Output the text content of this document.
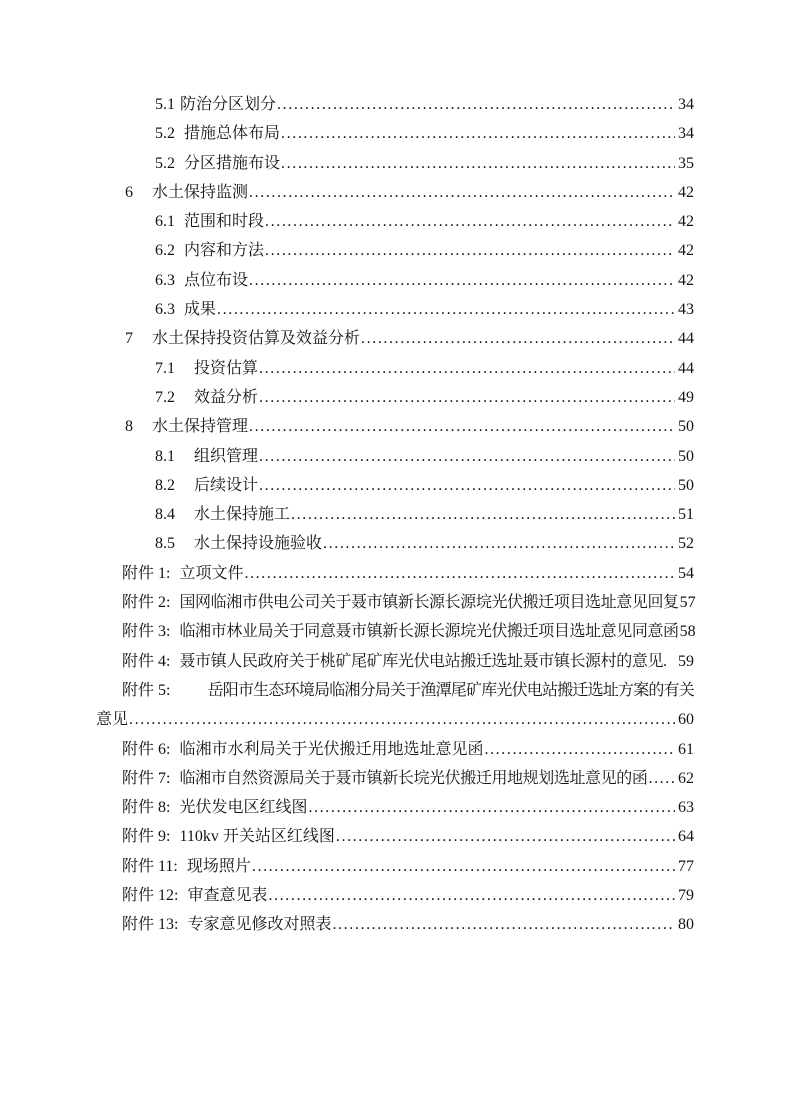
5.1 防治分区划分 .....	34
5.2 措施总体布局 .....	34
5.2 分区措施布设 .....	35
6 水土保持监测 .....	42
6.1 范围和时段 .....	42
6.2 内容和方法 .....	42
6.3 点位布设 .....	42
6.3 成果 .....	43
7 水土保持投资估算及效益分析 .....	44
7.1 投资估算 .....	44
7.2 效益分析 .....	49
8 水土保持管理 .....	50
8.1 组织管理 .....	50
8.2 后续设计 .....	50
8.4 水土保持施工 .....	51
8.5 水土保持设施验收 .....	52
附件 1: 立项文件 .....	54
附件 2: 国网临湘市供电公司关于聂市镇新长源长源垸光伏搬迁项目选址意见回复 57
附件 3: 临湘市林业局关于同意聂市镇新长源长源垸光伏搬迁项目选址意见同意函 58
附件 4: 聂市镇人民政府关于桃矿尾矿库光伏电站搬迁选址聂市镇长源村的意见. 59
附件 5: 岳阳市生态环境局临湘分局关于渔潭尾矿库光伏电站搬迁选址方案的有关
意见 .....	60
附件 6: 临湘市水利局关于光伏搬迁用地选址意见函 .....	61
附件 7: 临湘市自然资源局关于聂市镇新长垸光伏搬迁用地规划选址意见的函 ..... 62
附件 8: 光伏发电区红线图 .....	63
附件 9: 110kv 开关站区红线图 .....	64
附件 11: 现场照片 .....	77
附件 12: 审查意见表 .....	79
附件 13: 专家意见修改对照表 .....	80
